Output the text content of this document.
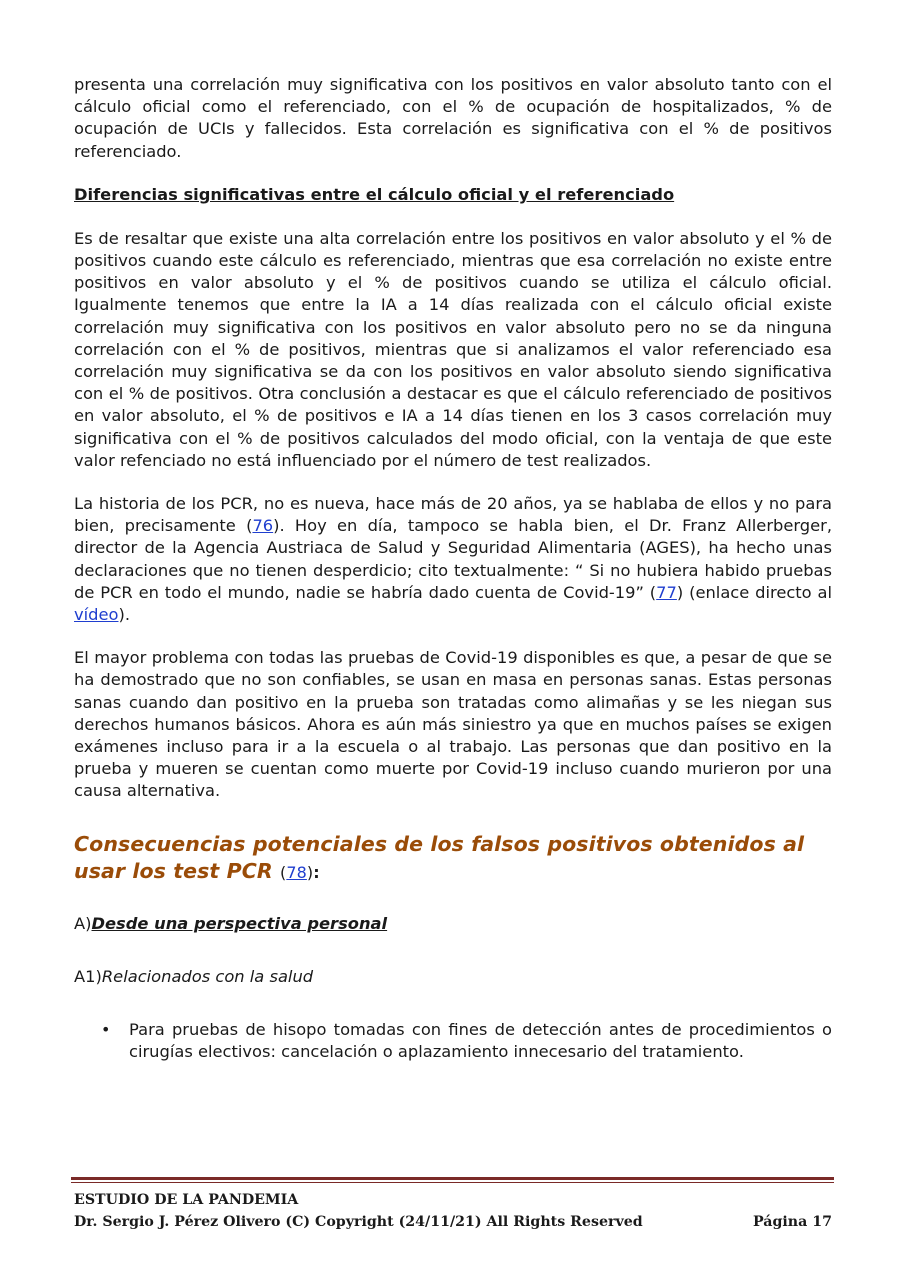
presenta una correlación muy significativa con los positivos en valor absoluto tanto con el cálculo oficial como el referenciado, con el % de ocupación de hospitalizados, % de ocupación de UCIs y fallecidos. Esta correlación es significativa con el % de positivos referenciado.

Diferencias significativas entre el cálculo oficial y el referenciado

Es de resaltar que existe una alta correlación entre los positivos en valor absoluto y el % de positivos cuando este cálculo es referenciado, mientras que esa correlación no existe entre positivos en valor absoluto y el % de positivos cuando se utiliza el cálculo oficial. Igualmente tenemos que entre la IA a 14 días realizada con el cálculo oficial existe correlación muy significativa con los positivos en valor absoluto pero no se da ninguna correlación con el % de positivos, mientras que si analizamos el valor referenciado esa correlación muy significativa se da con los positivos en valor absoluto siendo significativa con el % de positivos. Otra conclusión a destacar es que el cálculo referenciado de positivos en valor absoluto, el % de positivos e IA a 14 días tienen en los 3 casos correlación muy significativa con el % de positivos calculados del modo oficial, con la ventaja de que este valor refenciado no está influenciado por el número de test realizados.

La historia de los PCR, no es nueva, hace más de 20 años, ya se hablaba de ellos y no para bien, precisamente (76). Hoy en día, tampoco se habla bien, el Dr. Franz Allerberger, director de la Agencia Austriaca de Salud y Seguridad Alimentaria (AGES), ha hecho unas declaraciones que no tienen desperdicio; cito textualmente: “ Si no hubiera habido pruebas de PCR en todo el mundo, nadie se habría dado cuenta de Covid-19” (77) (enlace directo al vídeo).

El mayor problema con todas las pruebas de Covid-19 disponibles es que, a pesar de que se ha demostrado que no son confiables, se usan en masa en personas sanas. Estas personas sanas cuando dan positivo en la prueba son tratadas como alimañas y se les niegan sus derechos humanos básicos. Ahora es aún más siniestro ya que en muchos países se exigen exámenes incluso para ir a la escuela o al trabajo. Las personas que dan positivo en la prueba y mueren se cuentan como muerte por Covid-19 incluso cuando murieron por una causa alternativa.

Consecuencias potenciales de los falsos positivos obtenidos al usar los test PCR (78):

A)Desde una perspectiva personal

A1)Relacionados con la salud

• Para pruebas de hisopo tomadas con fines de detección antes de procedimientos o cirugías electivos: cancelación o aplazamiento innecesario del tratamiento.

ESTUDIO DE LA PANDEMIA
Dr. Sergio J. Pérez Olivero (C) Copyright (24/11/21) All Rights Reserved	Página 17
